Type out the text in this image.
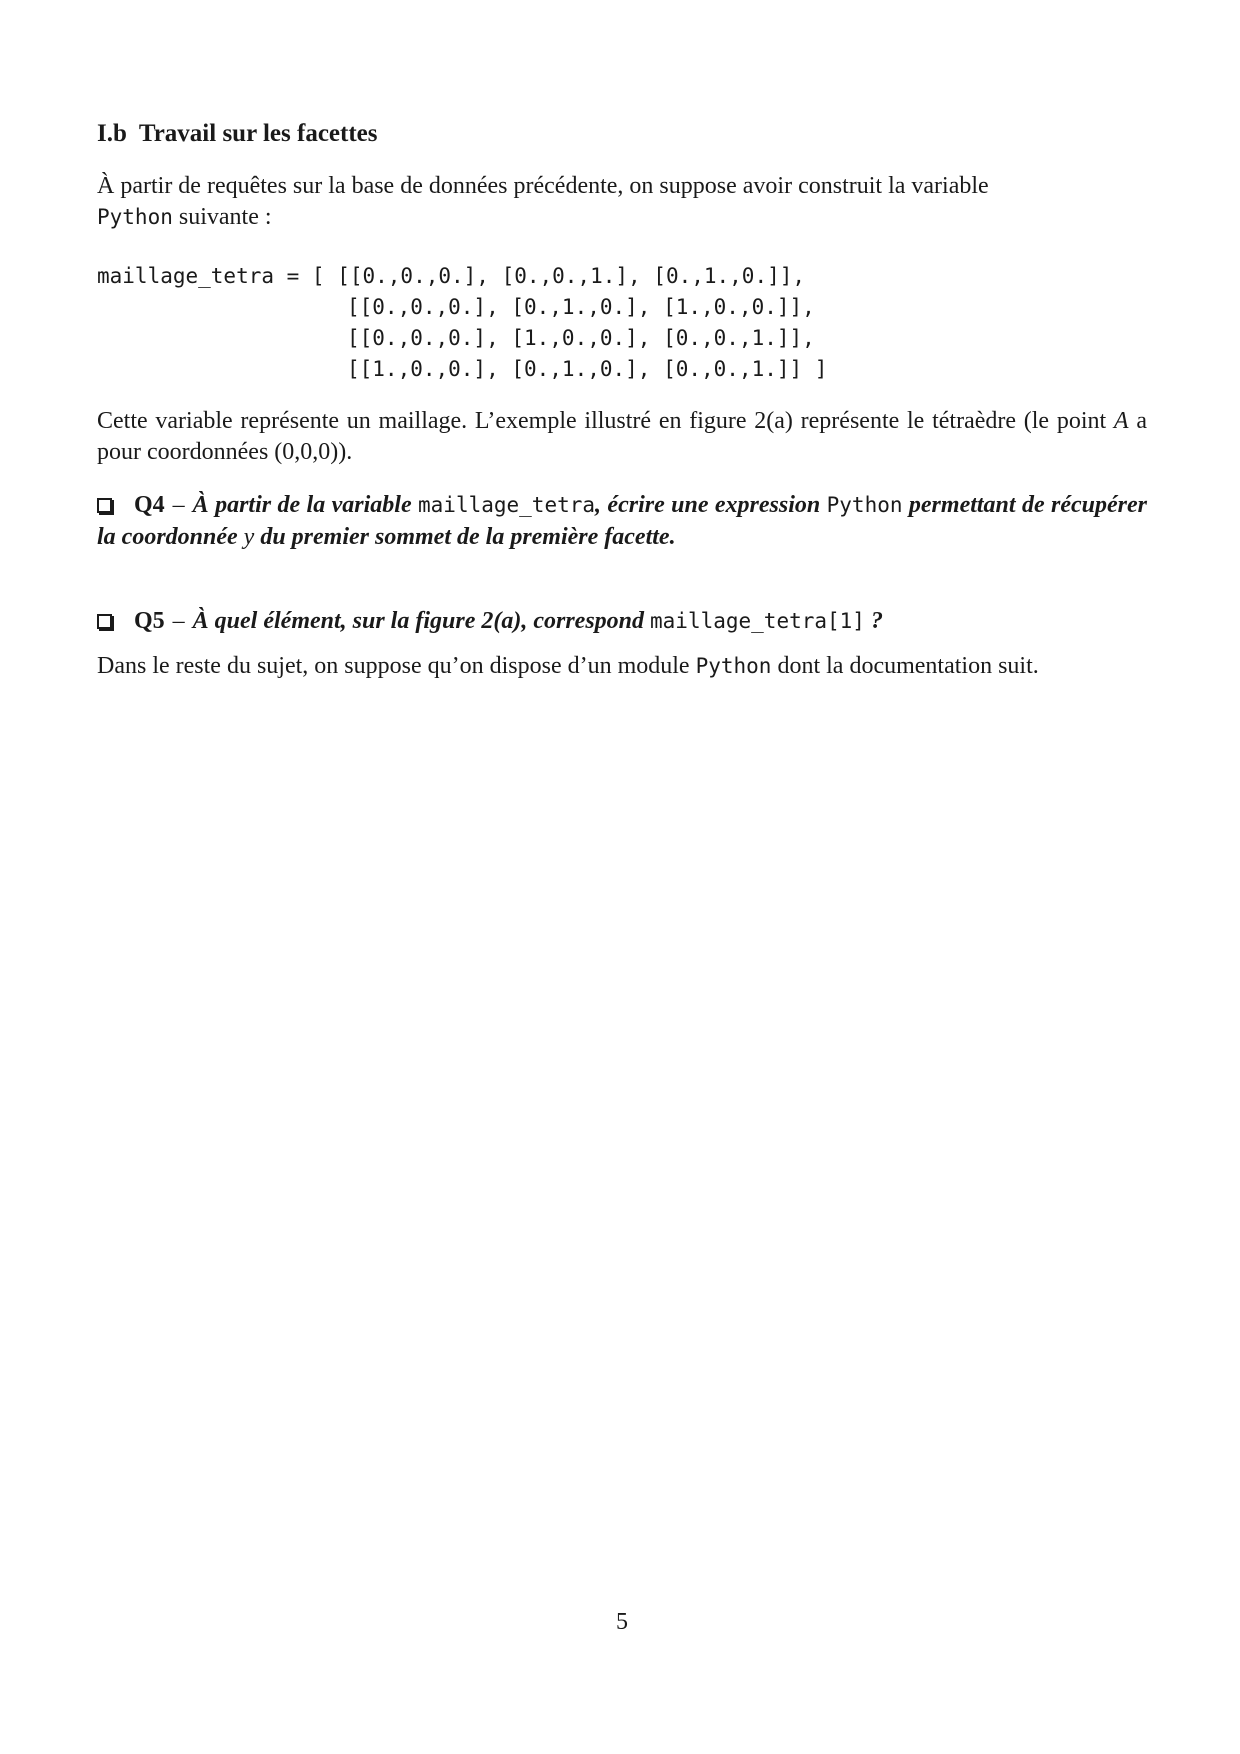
I.b Travail sur les facettes

À partir de requêtes sur la base de données précédente, on suppose avoir construit la variable
Python suivante :

maillage_tetra = [ [[0.,0.,0.], [0.,0.,1.], [0.,1.,0.]],
[[0.,0.,0.], [0.,1.,0.], [1.,0.,0.]],
[[0.,0.,0.], [1.,0.,0.], [0.,0.,1.]],
[[1.,0.,0.], [0.,1.,0.], [0.,0.,1.]] ]

Cette variable représente un maillage. L’exemple illustré en figure 2(a) représente le tétraèdre (le point A a pour coordonnées (0,0,0)).

Q4 – À partir de la variable maillage_tetra, écrire une expression Python permettant de récupérer la coordonnée y du premier sommet de la première facette.

Q5 – À quel élément, sur la figure 2(a), correspond maillage_tetra[1] ?

Dans le reste du sujet, on suppose qu’on dispose d’un module Python dont la documentation suit.

5
